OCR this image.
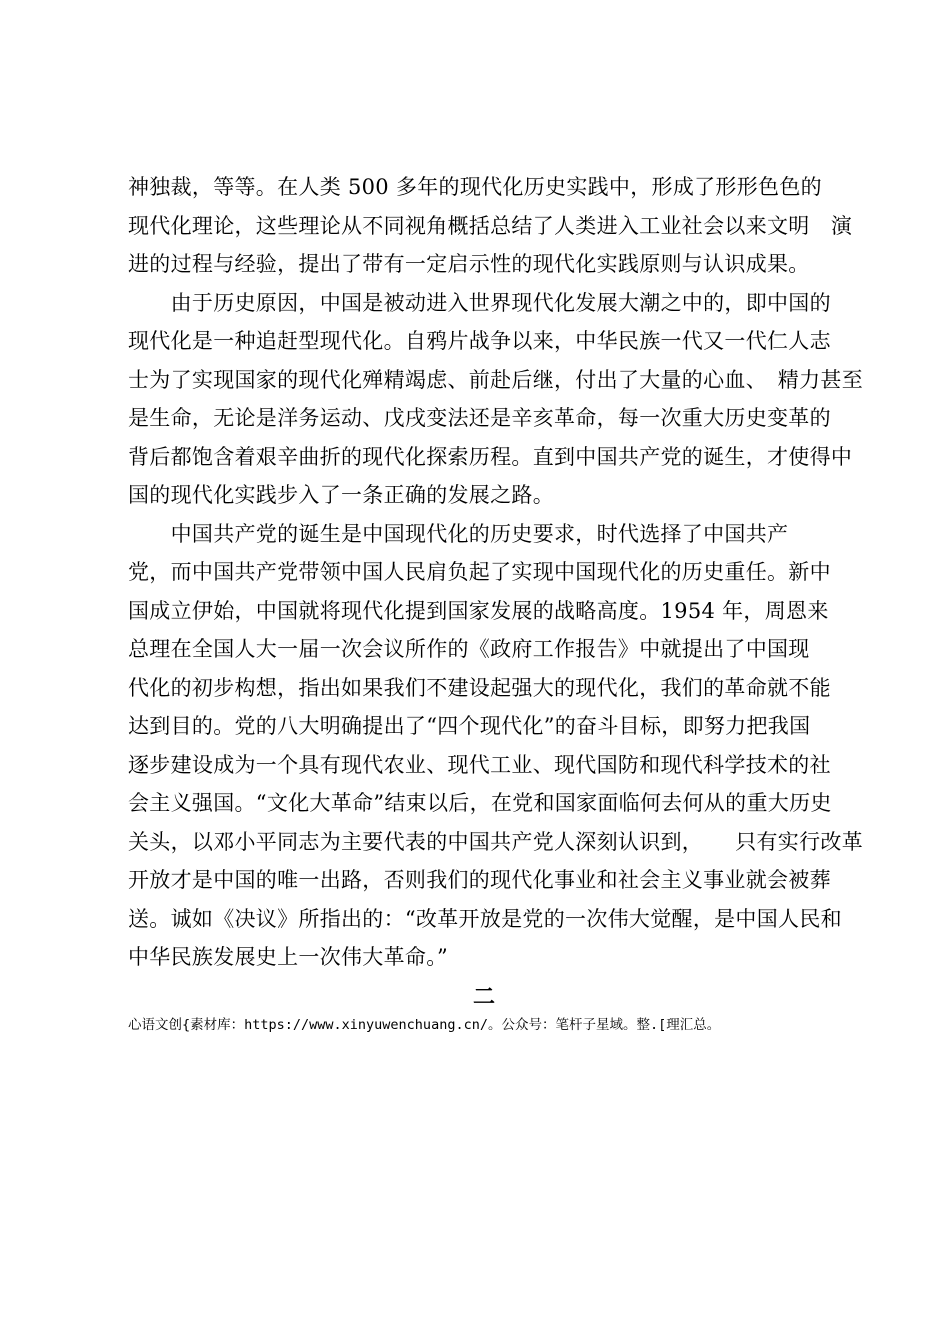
神独裁，等等。在人类 500 多年的现代化历史实践中，形成了形形色色的
现代化理论，这些理论从不同视角概括总结了人类进入工业社会以来文明　演
进的过程与经验，提出了带有一定启示性的现代化实践原则与认识成果。
　　由于历史原因，中国是被动进入世界现代化发展大潮之中的，即中国的
现代化是一种追赶型现代化。自鸦片战争以来，中华民族一代又一代仁人志
士为了实现国家的现代化殚精竭虑、前赴后继，付出了大量的心血、　精力甚至
是生命，无论是洋务运动、戊戌变法还是辛亥革命，每一次重大历史变革的
背后都饱含着艰辛曲折的现代化探索历程。直到中国共产党的诞生，才使得中
国的现代化实践步入了一条正确的发展之路。
　　中国共产党的诞生是中国现代化的历史要求，时代选择了中国共产
党，而中国共产党带领中国人民肩负起了实现中国现代化的历史重任。新中
国成立伊始，中国就将现代化提到国家发展的战略高度。1954 年，周恩来
总理在全国人大一届一次会议所作的《政府工作报告》中就提出了中国现
代化的初步构想，指出如果我们不建设起强大的现代化，我们的革命就不能
达到目的。党的八大明确提出了“四个现代化”的奋斗目标，即努力把我国
逐步建设成为一个具有现代农业、现代工业、现代国防和现代科学技术的社
会主义强国。“文化大革命”结束以后，在党和国家面临何去何从的重大历史
关头，以邓小平同志为主要代表的中国共产党人深刻认识到，　　只有实行改革
开放才是中国的唯一出路，否则我们的现代化事业和社会主义事业就会被葬
送。诚如《决议》所指出的：“改革开放是党的一次伟大觉醒，是中国人民和
中华民族发展史上一次伟大革命。”
二
心语文创{素材库：https://www.xinyuwenchuang.cn/。公众号：笔杆子星域。整.[理汇总。
